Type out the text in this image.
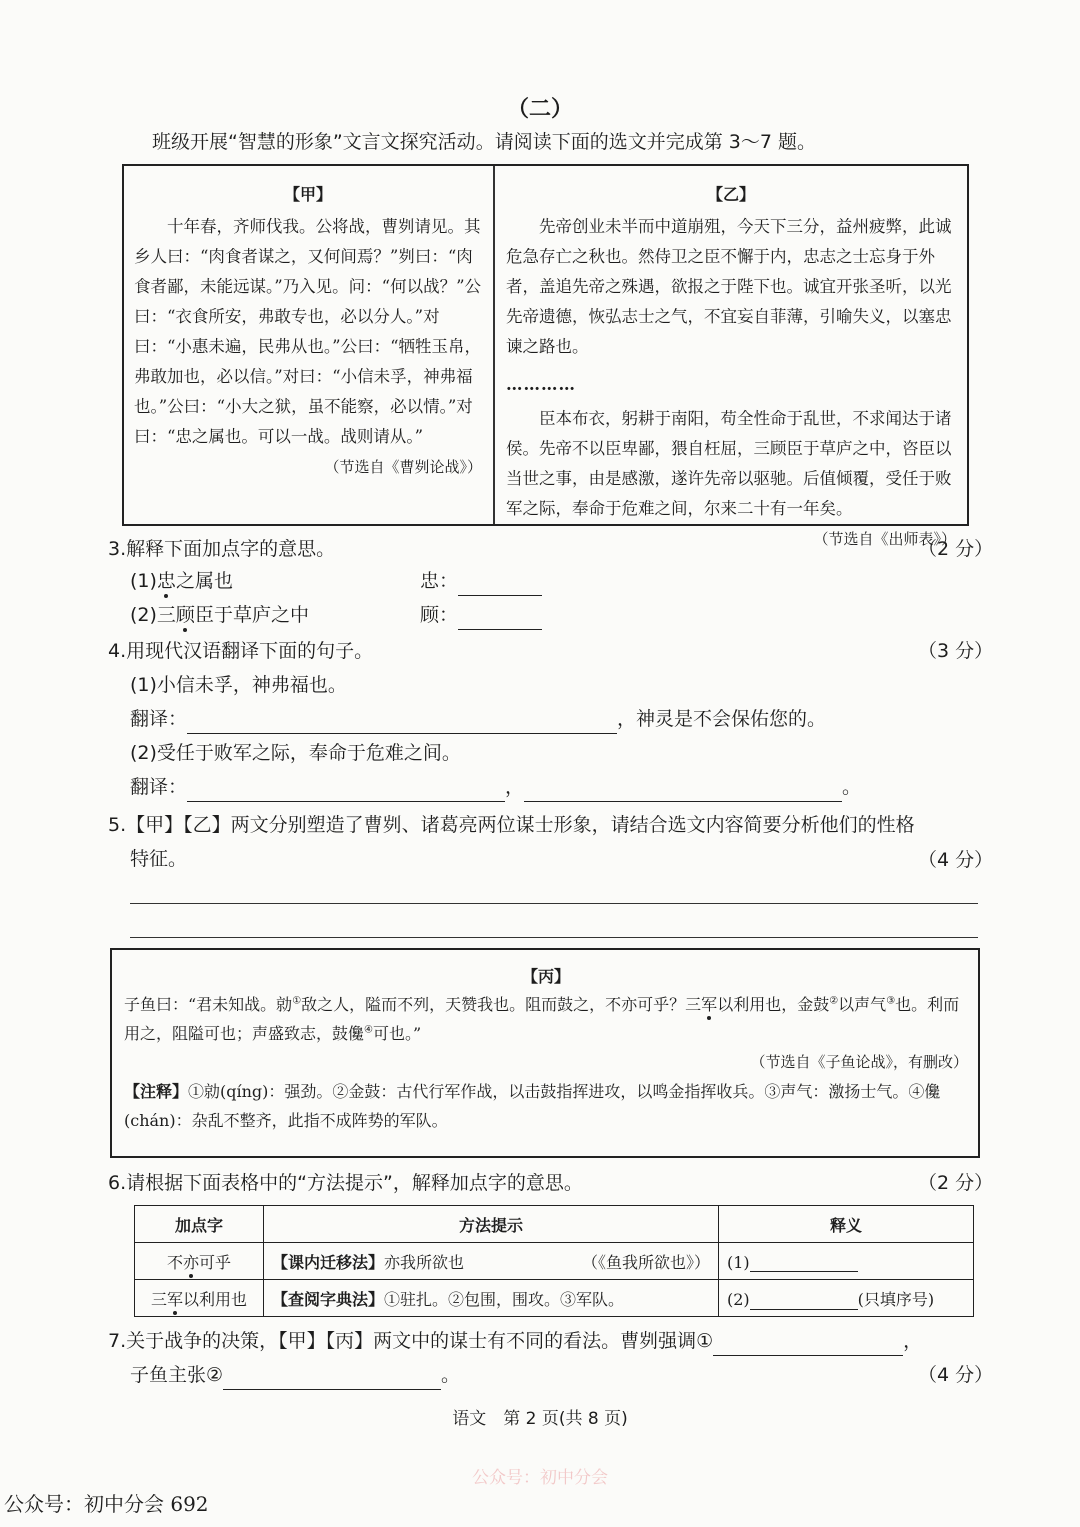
（二）
班级开展“智慧的形象”文言文探究活动。请阅读下面的选文并完成第 3～7 题。
【甲】

十年春，齐师伐我。公将战，曹刿请见。其乡人曰：“肉食者谋之，又何间焉？”刿曰：“肉食者鄙，未能远谋。”乃入见。问：“何以战？”公曰：“衣食所安，弗敢专也，必以分人。”对曰：“小惠未遍，民弗从也。”公曰：“牺牲玉帛，弗敢加也，必以信。”对曰：“小信未孚，神弗福也。”公曰：“小大之狱，虽不能察，必以情。”对曰：“忠之属也。可以一战。战则请从。”

（节选自《曹刿论战》）
【乙】

先帝创业未半而中道崩殂，今天下三分，益州疲弊，此诚危急存亡之秋也。然侍卫之臣不懈于内，忠志之士忘身于外者，盖追先帝之殊遇，欲报之于陛下也。诚宜开张圣听，以光先帝遗德，恢弘志士之气，不宜妄自菲薄，引喻失义，以塞忠谏之路也。

…………

臣本布衣，躬耕于南阳，苟全性命于乱世，不求闻达于诸侯。先帝不以臣卑鄙，猥自枉屈，三顾臣于草庐之中，咨臣以当世之事，由是感激，遂许先帝以驱驰。后值倾覆，受任于败军之际，奉命于危难之间，尔来二十有一年矣。

（节选自《出师表》）
3.解释下面加点字的意思。	（2 分）
(1)忠之属也	忠：
(2)三顾臣于草庐之中	顾：
4.用现代汉语翻译下面的句子。	（3 分）
(1)小信未孚，神弗福也。
翻译：	，神灵是不会保佑您的。
(2)受任于败军之际，奉命于危难之间。
翻译：	，	。
5.【甲】【乙】两文分别塑造了曹刿、诸葛亮两位谋士形象，请结合选文内容简要分析他们的性格
特征。	（4 分）
【丙】
子鱼曰：“君未知战。勍①敌之人，隘而不列，天赞我也。阻而鼓之，不亦可乎？三军以利用也，金鼓②以声气③也。利而用之，阻隘可也；声盛致志，鼓儳④可也。”
（节选自《子鱼论战》，有删改）
【注释】①勍(qíng)：强劲。②金鼓：古代行军作战，以击鼓指挥进攻，以鸣金指挥收兵。③声气：激扬士气。④儳(chán)：杂乱不整齐，此指不成阵势的军队。
6.请根据下面表格中的“方法提示”，解释加点字的意思。	（2 分）
加点字	方法提示	释义
不亦可乎	【课内迁移法】亦我所欲也 （《鱼我所欲也》）	(1)
三军以利用也	【查阅字典法】①驻扎。②包围，围攻。③军队。	(2) (只填序号)
7.关于战争的决策，【甲】【丙】两文中的谋士有不同的看法。曹刿强调①	，
子鱼主张②	。	（4 分）
语文　第 2 页(共 8 页)
公众号：初中分会
公众号：初中分会 692
